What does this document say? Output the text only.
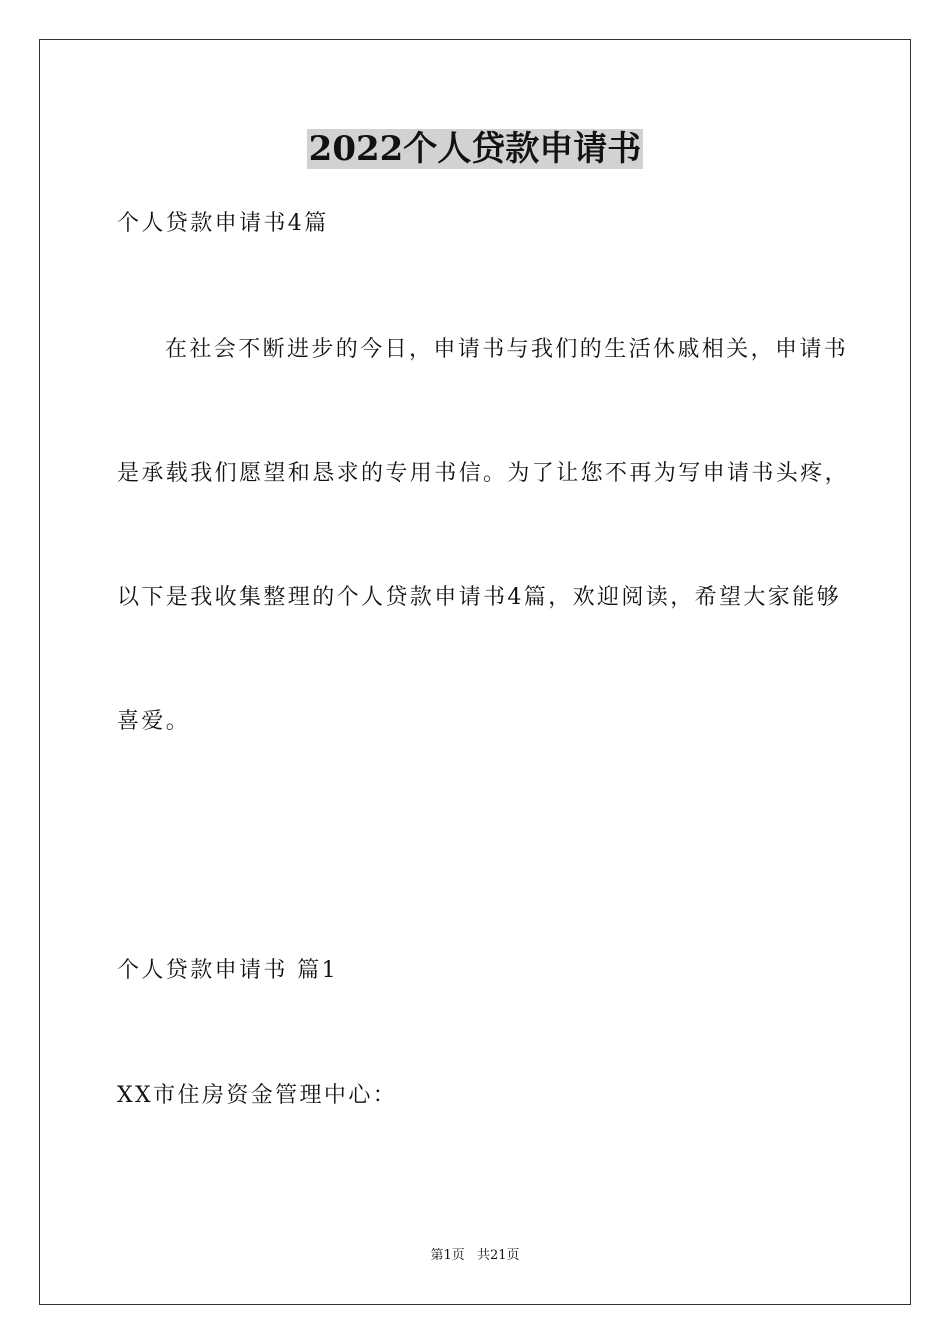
2022个人贷款申请书
个人贷款申请书4篇
在社会不断进步的今日，申请书与我们的生活休戚相关，申请书
是承载我们愿望和恳求的专用书信。为了让您不再为写申请书头疼，
以下是我收集整理的个人贷款申请书4篇，欢迎阅读，希望大家能够
喜爱。
个人贷款申请书 篇1
XX市住房资金管理中心：
第1页 共21页
